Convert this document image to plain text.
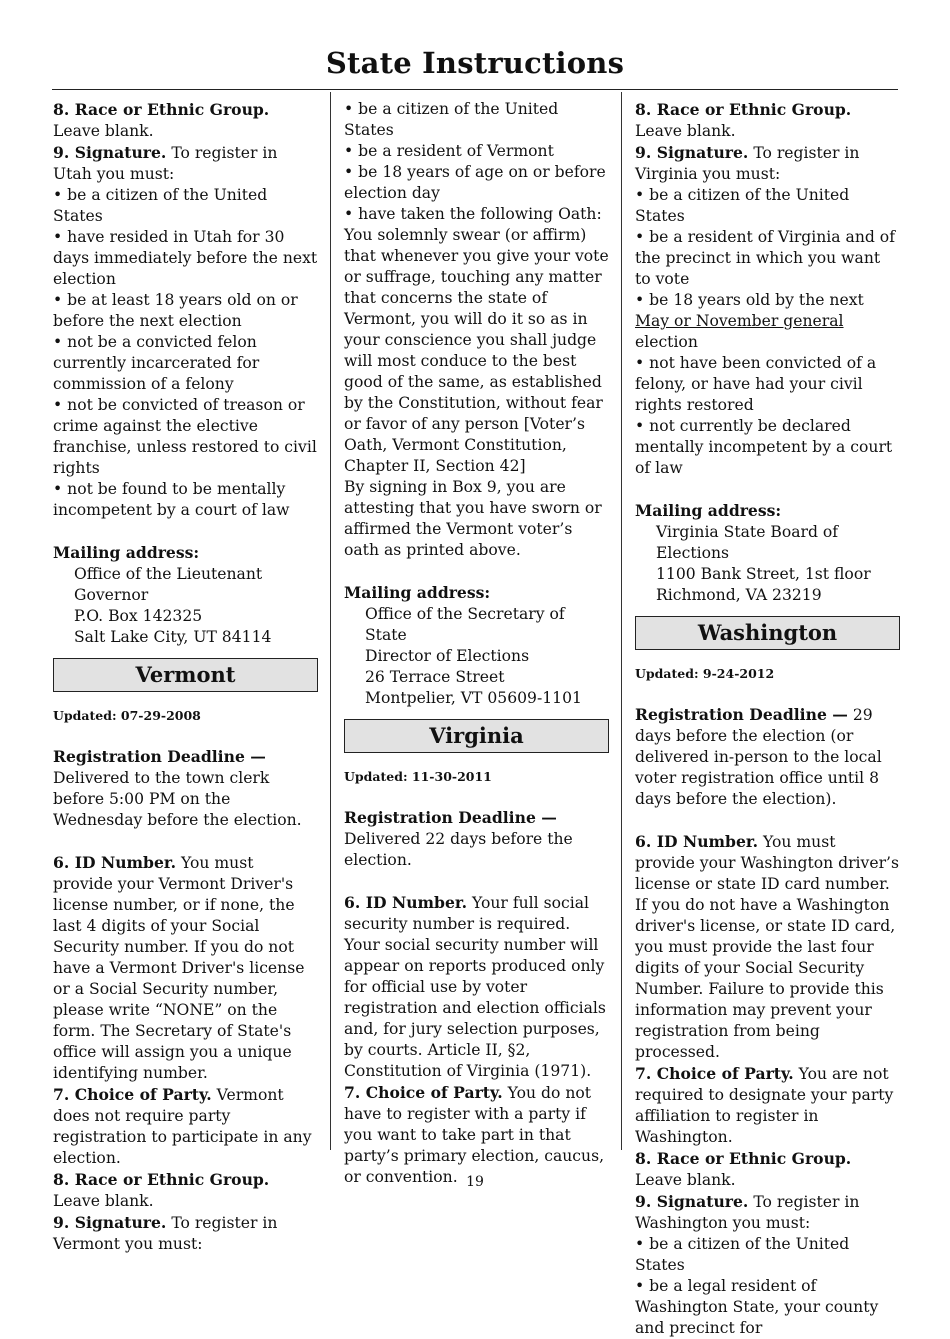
State Instructions

8. Race or Ethnic Group. Leave blank.

9. Signature. To register in Utah you must:

• be a citizen of the United States

• have resided in Utah for 30 days immediately before the next election

• be at least 18 years old on or before the next election

• not be a convicted felon currently incarcerated for commission of a felony

• not be convicted of treason or crime against the elective franchise, unless restored to civil rights

• not be found to be mentally incompetent by a court of law

Mailing address:

Office of the Lieutenant Governor

P.O. Box 142325

Salt Lake City, UT 84114

Vermont

Updated: 07-29-2008

Registration Deadline — Delivered to the town clerk before 5:00 PM on the Wednesday before the election.

6. ID Number. You must provide your Vermont Driver's license number, or if none, the last 4 digits of your Social Security number. If you do not have a Vermont Driver's license or a Social Security number, please write “NONE” on the form. The Secretary of State's office will assign you a unique identifying number.

7. Choice of Party. Vermont does not require party registration to participate in any election.

8. Race or Ethnic Group. Leave blank.

9. Signature. To register in Vermont you must:

• be a citizen of the United States

• be a resident of Vermont

• be 18 years of age on or before election day

• have taken the following Oath: You solemnly swear (or affirm) that whenever you give your vote or suffrage, touching any matter that concerns the state of Vermont, you will do it so as in your conscience you shall judge will most conduce to the best good of the same, as established by the Constitution, without fear or favor of any person [Voter’s Oath, Vermont Constitution, Chapter II, Section 42]

By signing in Box 9, you are attesting that you have sworn or affirmed the Vermont voter’s oath as printed above.

Mailing address:

Office of the Secretary of State

Director of Elections

26 Terrace Street

Montpelier, VT 05609-1101

Virginia

Updated: 11-30-2011

Registration Deadline — Delivered 22 days before the election.

6. ID Number. Your full social security number is required. Your social security number will appear on reports produced only for official use by voter registration and election officials and, for jury selection purposes, by courts. Article II, §2, Constitution of Virginia (1971).

7. Choice of Party. You do not have to register with a party if you want to take part in that party’s primary election, caucus, or convention.

8. Race or Ethnic Group. Leave blank.

9. Signature. To register in Virginia you must:

• be a citizen of the United States

• be a resident of Virginia and of the precinct in which you want to vote

• be 18 years old by the next May or November general election

• not have been convicted of a felony, or have had your civil rights restored

• not currently be declared mentally incompetent by a court of law

Mailing address:

Virginia State Board of Elections

1100 Bank Street, 1st floor

Richmond, VA 23219

Washington

Updated: 9-24-2012

Registration Deadline — 29 days before the election (or delivered in-person to the local voter registration office until 8 days before the election).

6. ID Number. You must provide your Washington driver’s license or state ID card number. If you do not have a Washington driver's license, or state ID card, you must provide the last four digits of your Social Security Number. Failure to provide this information may prevent your registration from being processed.

7. Choice of Party. You are not required to designate your party affiliation to register in Washington.

8. Race or Ethnic Group. Leave blank.

9. Signature. To register in Washington you must:

• be a citizen of the United States

• be a legal resident of Washington State, your county and precinct for

19
